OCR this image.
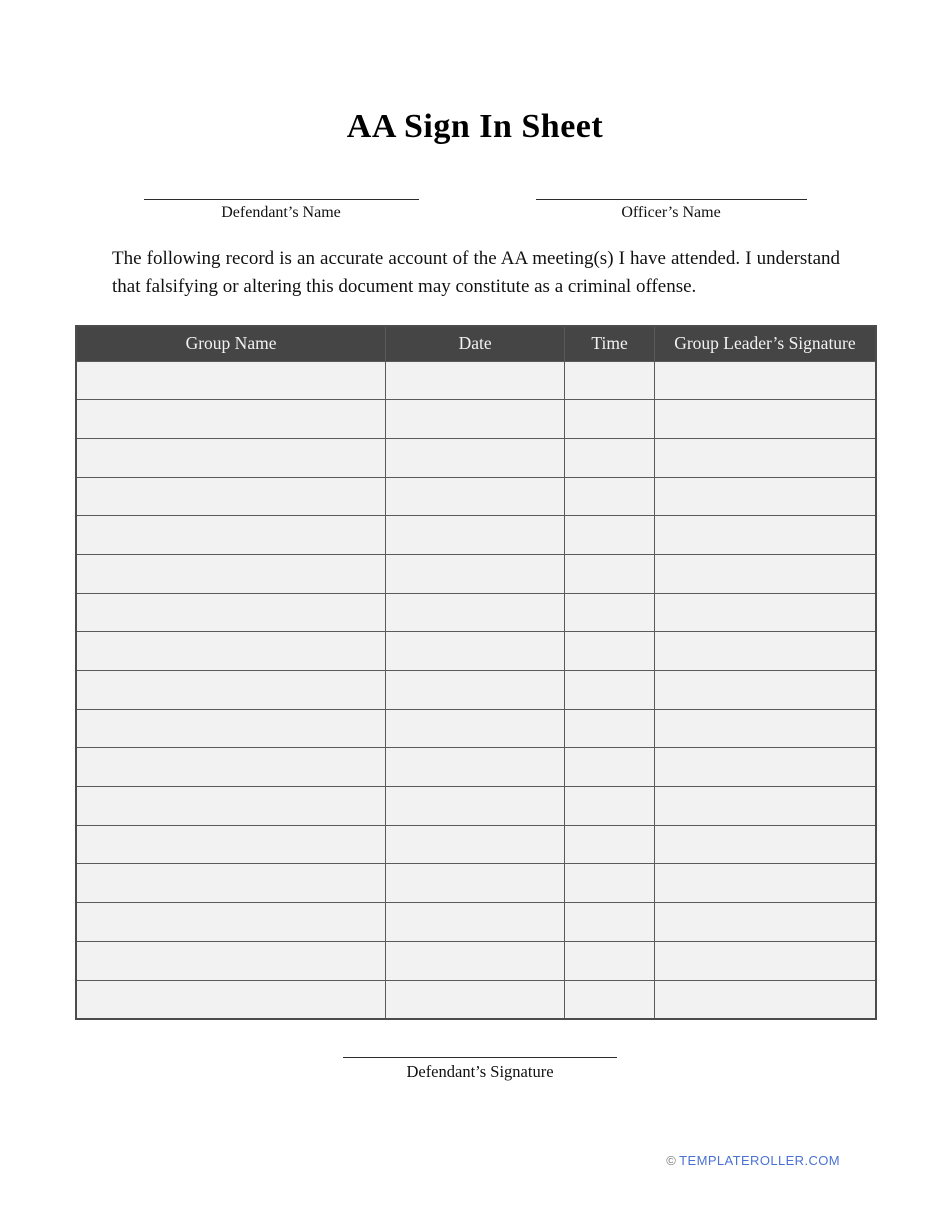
AA Sign In Sheet
Defendant’s Name	Officer’s Name

The following record is an accurate account of the AA meeting(s) I have attended. I understand that falsifying or altering this document may constitute as a criminal offense.

Group Name	Date	Time	Group Leader’s Signature

Defendant’s Signature
© TEMPLATEROLLER.COM
